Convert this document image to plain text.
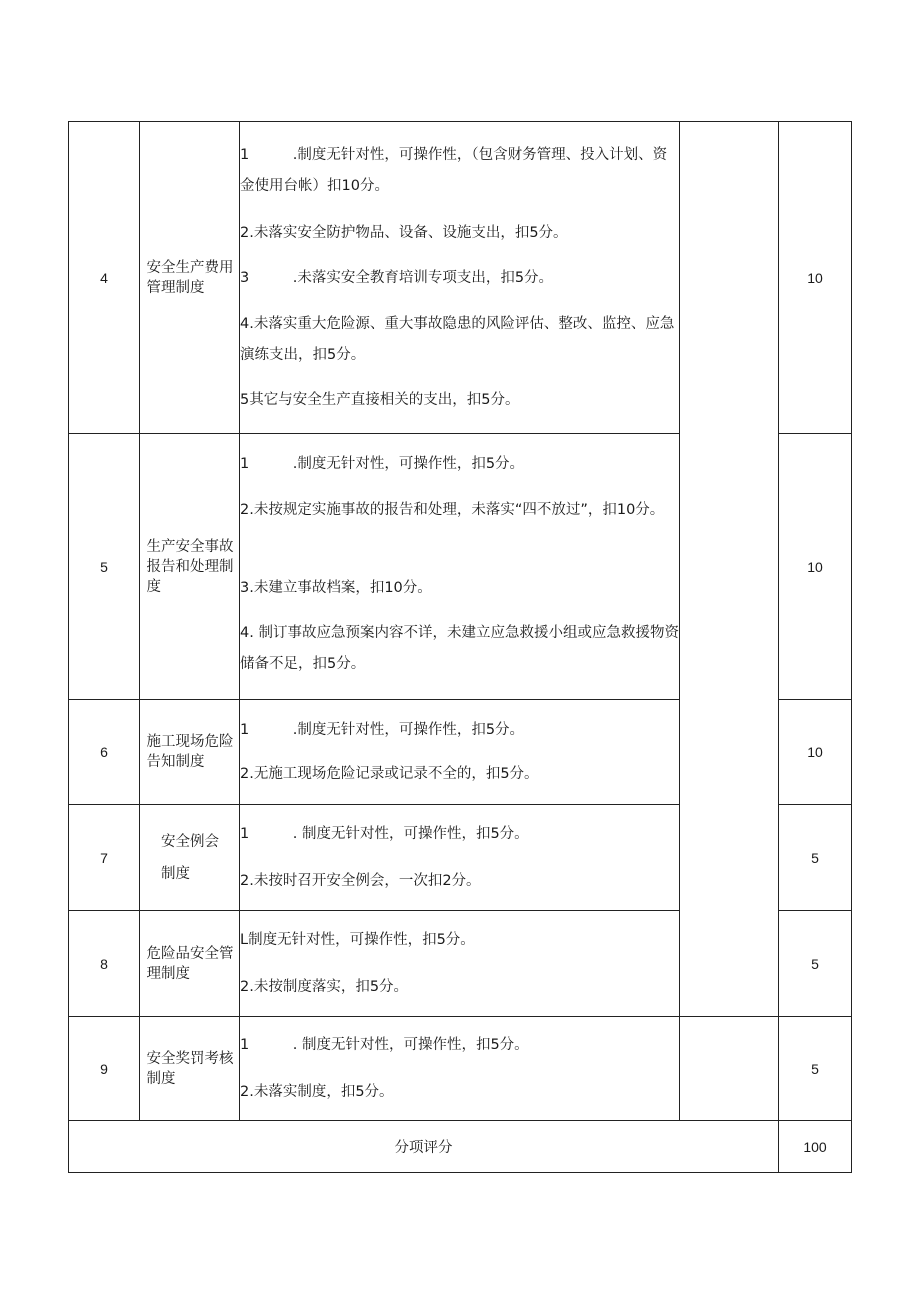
4
安全生产费用
管理制度
1　　　.制度无针对性，可操作性，（包含财务管理、投入计划、资金使用台帐）扣10分。
2.未落实安全防护物品、设备、设施支出，扣5分。
3　　　.未落实安全教育培训专项支出，扣5分。
4.未落实重大危险源、重大事故隐患的风险评估、整改、监控、应急演练支出，扣5分。
5其它与安全生产直接相关的支出，扣5分。
10
5
生产安全事故
报告和处理制
度
1　　　.制度无针对性，可操作性，扣5分。
2.未按规定实施事故的报告和处理，未落实“四不放过”，扣10分。
3.未建立事故档案，扣10分。
4. 制订事故应急预案内容不详，未建立应急救援小组或应急救援物资储备不足，扣5分。
10
6
施工现场危险
告知制度
1　　　.制度无针对性，可操作性，扣5分。
2.无施工现场危险记录或记录不全的，扣5分。
10
7
安全例会
制度
1　　　. 制度无针对性，可操作性，扣5分。
2.未按时召开安全例会，一次扣2分。
5
8
危险品安全管
理制度
L制度无针对性，可操作性，扣5分。
2.未按制度落实，扣5分。
5
9
安全奖罚考核
制度
1　　　. 制度无针对性，可操作性，扣5分。
2.未落实制度，扣5分。
5
分项评分	100
